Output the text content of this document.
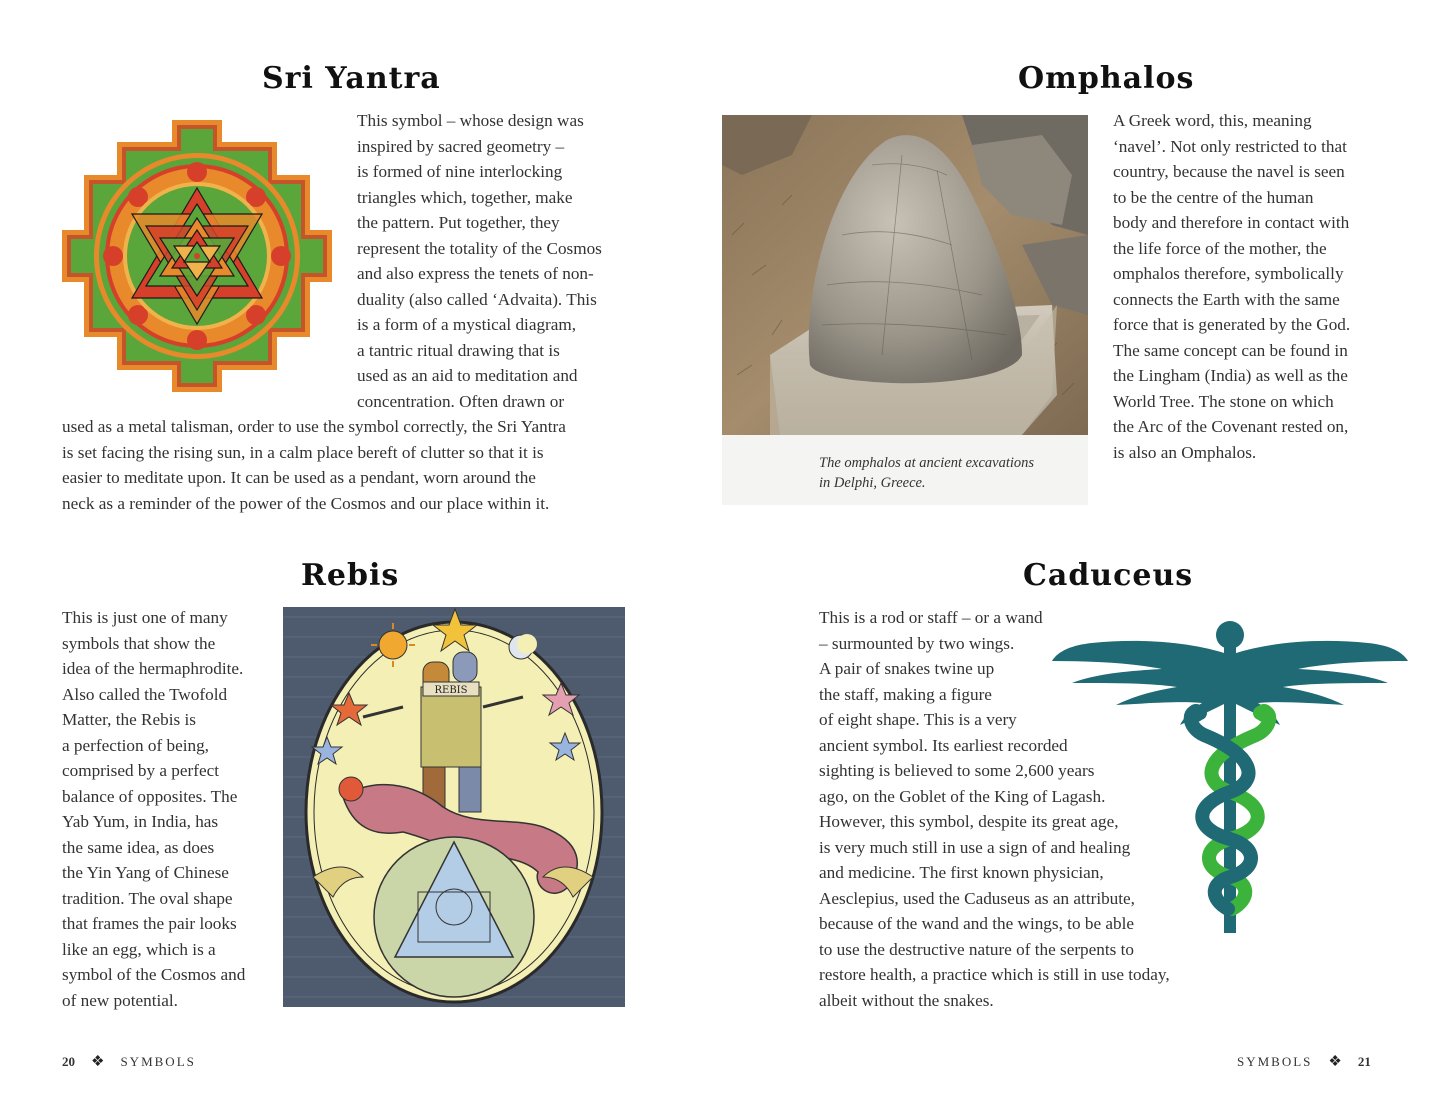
Sri Yantra
This symbol – whose design was
inspired by sacred geometry –
is formed of nine interlocking
triangles which, together, make
the pattern. Put together, they
represent the totality of the Cosmos
and also express the tenets of non-
duality (also called ‘Advaita). This
is a form of a mystical diagram,
a tantric ritual drawing that is
used as an aid to meditation and
concentration. Often drawn or
used as a metal talisman, order to use the symbol correctly, the Sri Yantra
is set facing the rising sun, in a calm place bereft of clutter so that it is
easier to meditate upon. It can be used as a pendant, worn around the
neck as a reminder of the power of the Cosmos and our place within it.
Omphalos
The omphalos at ancient excavations
in Delphi, Greece.
A Greek word, this, meaning
‘navel’. Not only restricted to that
country, because the navel is seen
to be the centre of the human
body and therefore in contact with
the life force of the mother, the
omphalos therefore, symbolically
connects the Earth with the same
force that is generated by the God.
The same concept can be found in
the Lingham (India) as well as the
World Tree. The stone on which
the Arc of the Covenant rested on,
is also an Omphalos.
Rebis
This is just one of many
symbols that show the
idea of the hermaphrodite.
Also called the Twofold
Matter, the Rebis is
a perfection of being,
comprised by a perfect
balance of opposites. The
Yab Yum, in India, has
the same idea, as does
the Yin Yang of Chinese
tradition. The oval shape
that frames the pair looks
like an egg, which is a
symbol of the Cosmos and
of new potential.
REBIS
Caduceus
This is a rod or staff – or a wand
– surmounted by two wings.
A pair of snakes twine up
the staff, making a figure
of eight shape. This is a very
ancient symbol. Its earliest recorded
sighting is believed to some 2,600 years
ago, on the Goblet of the King of Lagash.
However, this symbol, despite its great age,
is very much still in use a sign of and healing
and medicine. The first known physician,
Aesclepius, used the Caduseus as an attribute,
because of the wand and the wings, to be able
to use the destructive nature of the serpents to
restore health, a practice which is still in use today,
albeit without the snakes.
20 ❖ SYMBOLS	SYMBOLS ❖ 21
